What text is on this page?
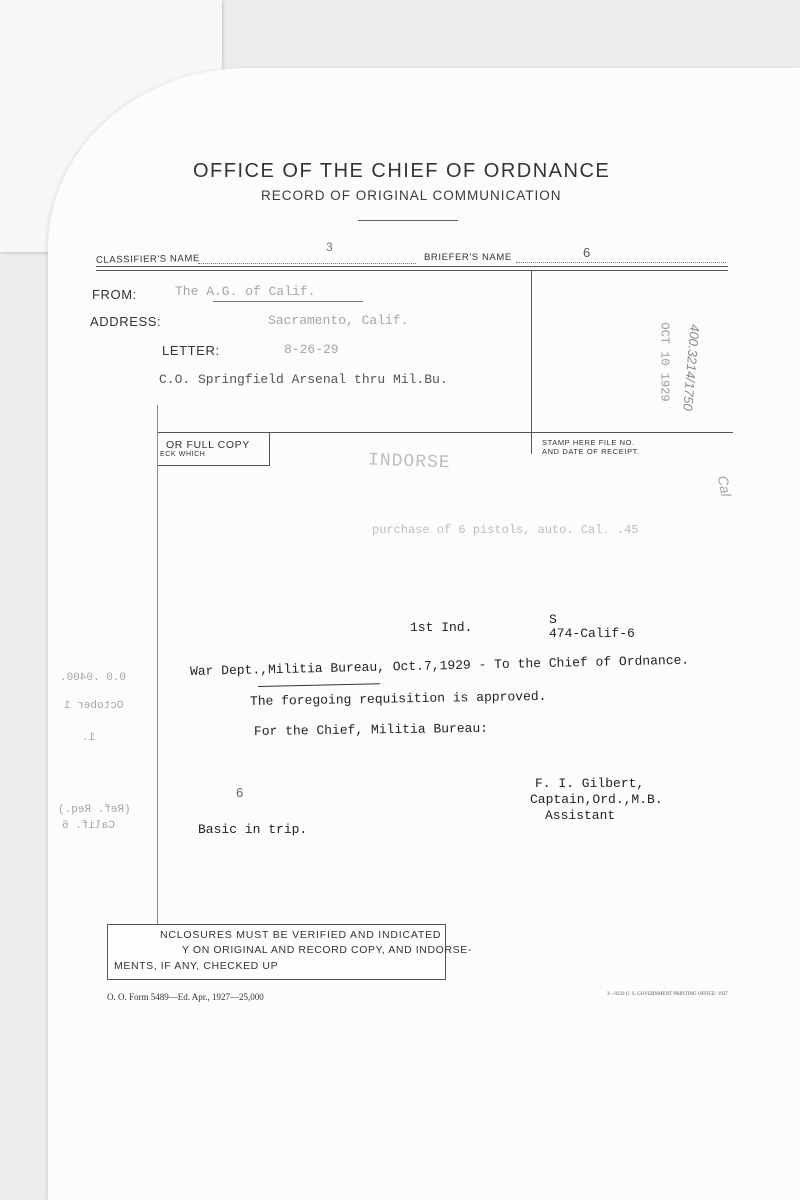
OFFICE OF THE CHIEF OF ORDNANCE
RECORD OF ORIGINAL COMMUNICATION
CLASSIFIER'S NAME
3
BRIEFER'S NAME	6
FROM:	The A.G. of Calif.
ADDRESS:	Sacramento, Calif.
LETTER:	8-26-29
C.O. Springfield Arsenal thru Mil.Bu.
OR FULL COPY
ECK WHICH
STAMP HERE FILE NO.
AND DATE OF RECEIPT.
OCT 10 1929 400.3214/1750
INDORSE
purchase of 6 pistols, auto. Cal. .45
Cal
0.0 .0400.
October 1
1.
(Ref. Req.)
Calif. 6
1st Ind.
S
474-Calif-6
War Dept.,Militia Bureau, Oct.7,1929 - To the Chief of Ordnance.
The foregoing requisition is approved.
For the Chief, Militia Bureau:
F. I. Gilbert,
Captain,Ord.,M.B.
Assistant
6
Basic in trip.
NCLOSURES MUST BE VERIFIED AND INDICATED
Y ON ORIGINAL AND RECORD COPY, AND INDORSE-
MENTS, IF ANY, CHECKED UP
O. O. Form 5489—Ed. Apr., 1927—25,000	3—9229 U. S. GOVERNMENT PRINTING OFFICE: 1927
